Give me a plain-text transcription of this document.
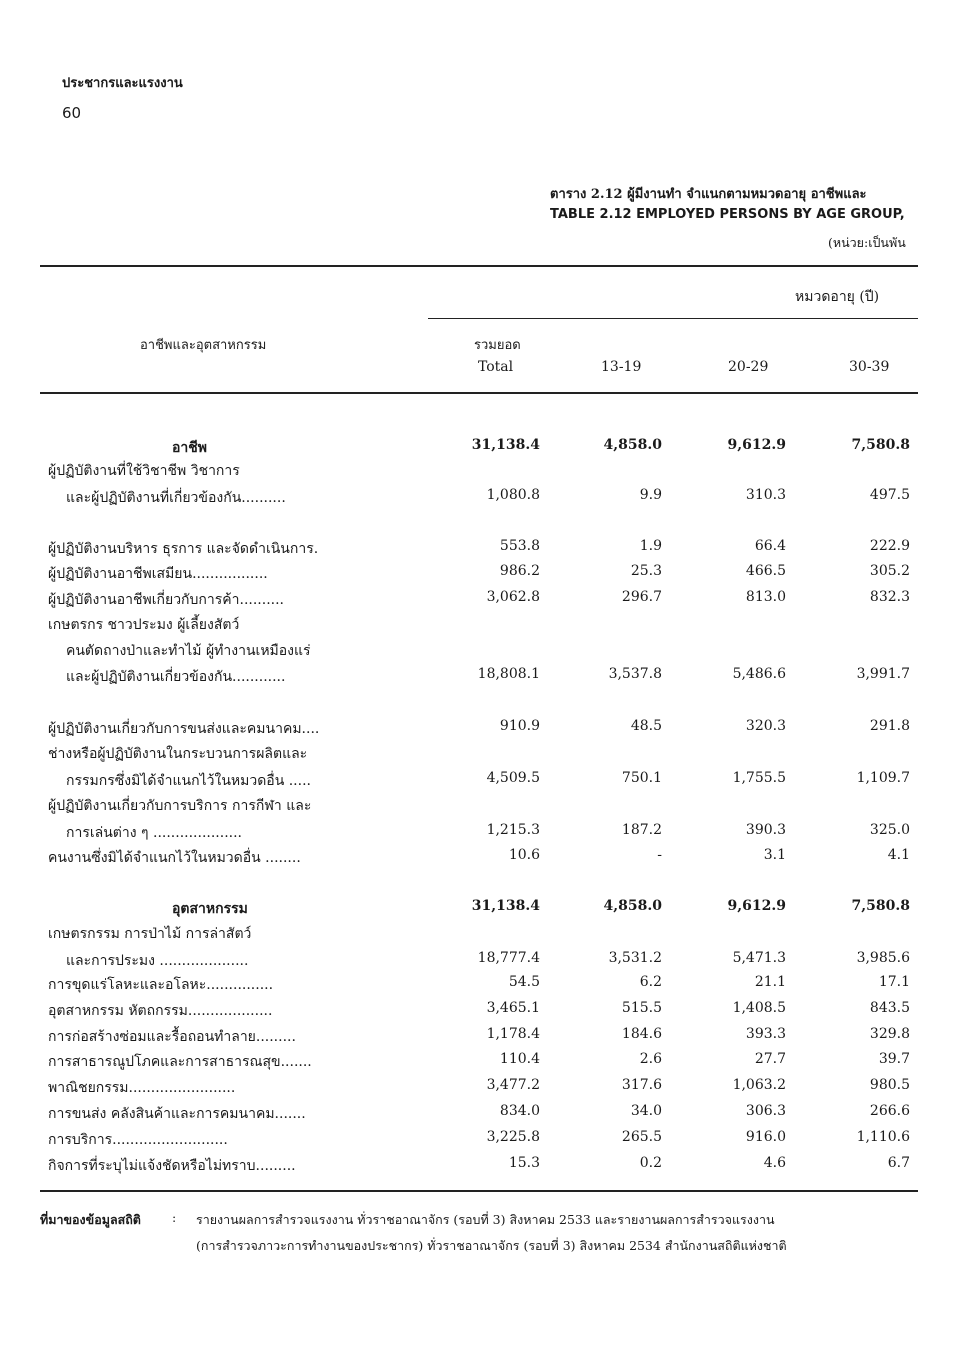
ประชากรและแรงงาน
60
ตาราง 2.12 ผู้มีงานทำ จำแนกตามหมวดอายุ อาชีพและ
TABLE 2.12 EMPLOYED PERSONS BY AGE GROUP,
(หน่วย:เป็นพัน
หมวดอายุ (ปี)
อาชีพและอุตสาหกรรม	รวมยอด
Total	13-19	20-29	30-39
อาชีพ	31,138.4	4,858.0	9,612.9	7,580.8
ผู้ปฏิบัติงานที่ใช้วิชาชีพ วิชาการ
และผู้ปฏิบัติงานที่เกี่ยวข้องกัน..........	1,080.8	9.9	310.3	497.5
ผู้ปฏิบัติงานบริหาร ธุรการ และจัดดำเนินการ.	553.8	1.9	66.4	222.9
ผู้ปฏิบัติงานอาชีพเสมียน.................	986.2	25.3	466.5	305.2
ผู้ปฏิบัติงานอาชีพเกี่ยวกับการค้า..........	3,062.8	296.7	813.0	832.3
เกษตรกร ชาวประมง ผู้เลี้ยงสัตว์
คนตัดถางป่าและทำไม้ ผู้ทำงานเหมืองแร่
และผู้ปฏิบัติงานเกี่ยวข้องกัน............	18,808.1	3,537.8	5,486.6	3,991.7
ผู้ปฏิบัติงานเกี่ยวกับการขนส่งและคมนาคม....	910.9	48.5	320.3	291.8
ช่างหรือผู้ปฏิบัติงานในกระบวนการผลิตและ
กรรมกรซึ่งมิได้จำแนกไว้ในหมวดอื่น .....	4,509.5	750.1	1,755.5	1,109.7
ผู้ปฏิบัติงานเกี่ยวกับการบริการ การกีฬา และ
การเล่นต่าง ๆ ....................	1,215.3	187.2	390.3	325.0
คนงานซึ่งมิได้จำแนกไว้ในหมวดอื่น ........	10.6	-	3.1	4.1
อุตสาหกรรม	31,138.4	4,858.0	9,612.9	7,580.8
เกษตรกรรม การป่าไม้ การล่าสัตว์
และการประมง ....................	18,777.4	3,531.2	5,471.3	3,985.6
การขุดแร่โลหะและอโลหะ...............	54.5	6.2	21.1	17.1
อุตสาหกรรม หัตถกรรม...................	3,465.1	515.5	1,408.5	843.5
การก่อสร้างซ่อมและรื้อถอนทำลาย.........	1,178.4	184.6	393.3	329.8
การสาธารณูปโภคและการสาธารณสุข.......	110.4	2.6	27.7	39.7
พาณิชยกรรม........................	3,477.2	317.6	1,063.2	980.5
การขนส่ง คลังสินค้าและการคมนาคม.......	834.0	34.0	306.3	266.6
การบริการ..........................	3,225.8	265.5	916.0	1,110.6
กิจการที่ระบุไม่แจ้งชัดหรือไม่ทราบ.........	15.3	0.2	4.6	6.7
ที่มาของข้อมูลสถิติ : รายงานผลการสำรวจแรงงาน ทั่วราชอาณาจักร (รอบที่ 3) สิงหาคม 2533 และรายงานผลการสำรวจแรงงาน
(การสำรวจภาวะการทำงานของประชากร) ทั่วราชอาณาจักร (รอบที่ 3) สิงหาคม 2534 สำนักงานสถิติแห่งชาติ
